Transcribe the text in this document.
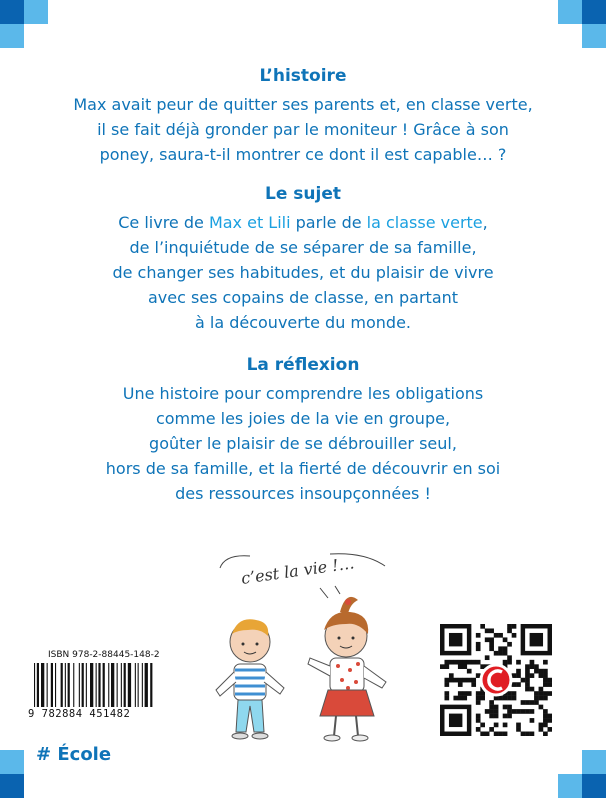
L’histoire
Max avait peur de quitter ses parents et, en classe verte,
il se fait déjà gronder par le moniteur ! Grâce à son
poney, saura-t-il montrer ce dont il est capable… ?
Le sujet
Ce livre de Max et Lili parle de la classe verte,
de l’inquiétude de se séparer de sa famille,
de changer ses habitudes, et du plaisir de vivre
avec ses copains de classe, en partant
à la découverte du monde.
La réflexion
Une histoire pour comprendre les obligations
comme les joies de la vie en groupe,
goûter le plaisir de se débrouiller seul,
hors de sa famille, et la fierté de découvrir en soi
des ressources insoupçonnées !
c’est la vie !…
ISBN 978-2-88445-148-2
9 782884 451482
# École
